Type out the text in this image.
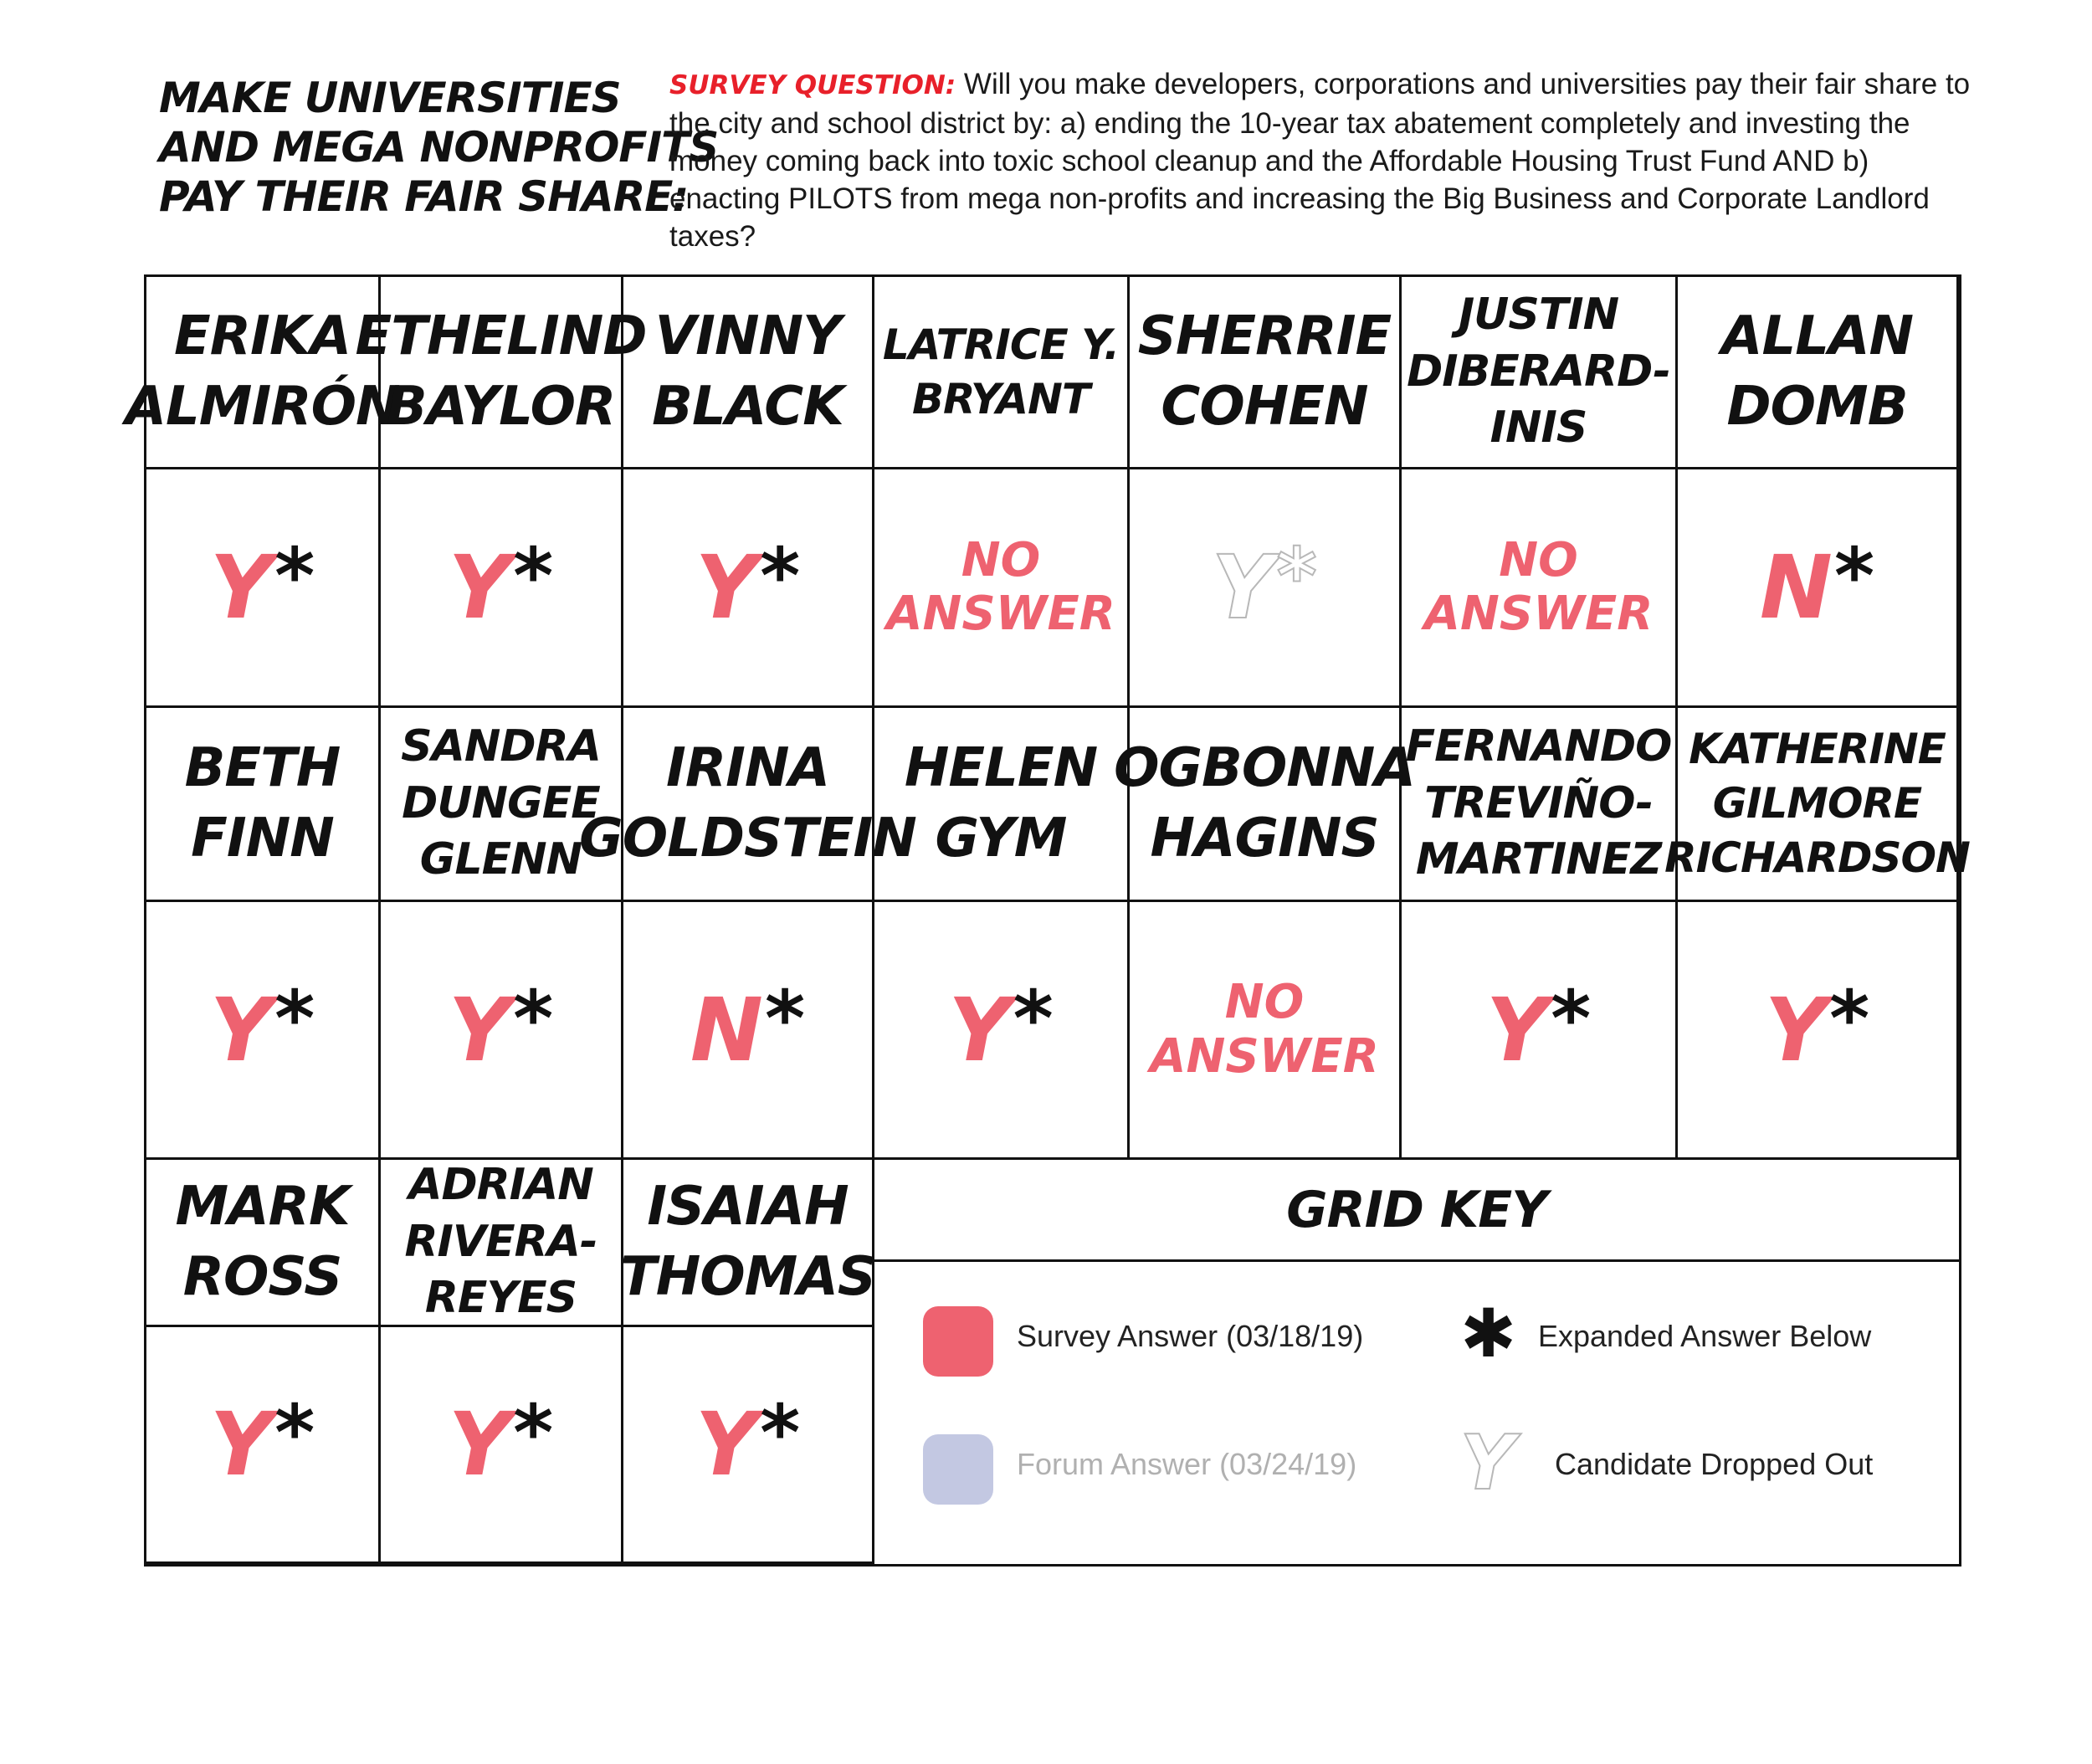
MAKE UNIVERSITIES
AND MEGA NONPROFITS
PAY THEIR FAIR SHARE:
SURVEY QUESTION: Will you make developers, corporations and universities pay their fair share to the city and school district by: a) ending the 10-year tax abatement completely and investing the money coming back into toxic school cleanup and the Affordable Housing Trust Fund AND b) enacting PILOTS from mega non-profits and increasing the Big Business and Corporate Landlord taxes?
ERIKA
ALMIRÓN
Y*
ETHELIND
BAYLOR
Y*
VINNY
BLACK
Y*
LATRICE Y.
BRYANT
NO
ANSWER
SHERRIE
COHEN
Y*
JUSTIN
DIBERARD-
INIS
NO
ANSWER
ALLAN
DOMB
N*
BETH
FINN
Y*
SANDRA
DUNGEE
GLENN
Y*
IRINA
GOLDSTEIN
N*
HELEN
GYM
Y*
OGBONNA
HAGINS
NO
ANSWER
FERNANDO
TREVIÑO-
MARTINEZ
Y*
KATHERINE
GILMORE
RICHARDSON
Y*
MARK
ROSS
Y*
ADRIAN
RIVERA-
REYES
Y*
ISAIAH
THOMAS
Y*
GRID KEY
Survey Answer (03/18/19) ✱ Expanded Answer Below
Forum Answer (03/24/19) Y Candidate Dropped Out
